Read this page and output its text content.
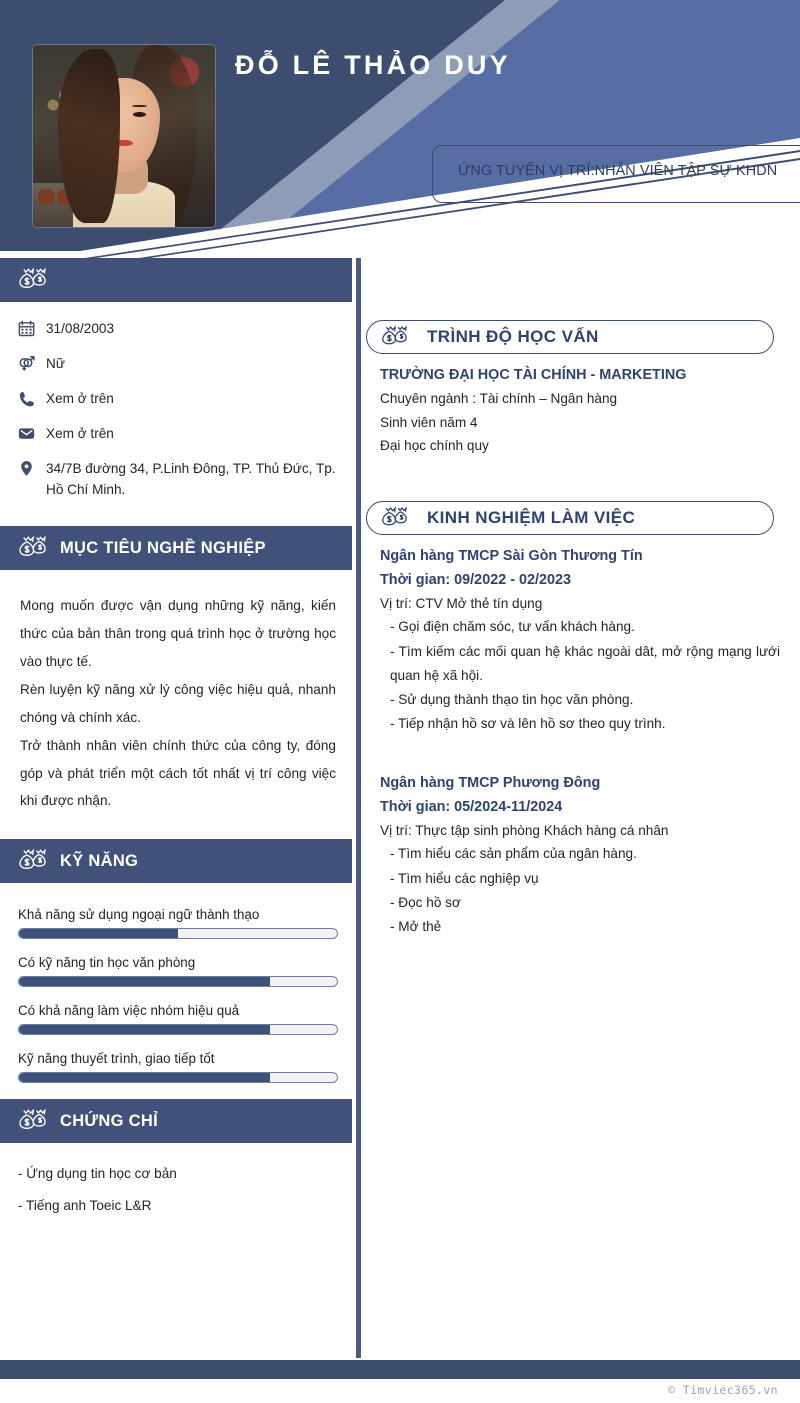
ĐỖ LÊ THẢO DUY
ỨNG TUYỂN VỊ TRÍ:NHÂN VIÊN TẬP SỰ KHDN
31/08/2003
Nữ
Xem ở trên
Xem ở trên
34/7B đường 34, P.Linh Đông, TP. Thủ Đức, Tp. Hồ Chí Minh.
MỤC TIÊU NGHỀ NGHIỆP

Mong muốn được vận dụng những kỹ năng, kiến thức của bản thân trong quá trình học ở trường học vào thực tế.

Rèn luyện kỹ năng xử lý công việc hiệu quả, nhanh chóng và chính xác.

Trở thành nhân viên chính thức của công ty, đóng góp và phát triển một cách tốt nhất vị trí công việc khi được nhận.

KỸ NĂNG
Khả năng sử dụng ngoại ngữ thành thạo
Có kỹ năng tin học văn phòng
Có khả năng làm việc nhóm hiệu quả
Kỹ năng thuyết trình, giao tiếp tốt
CHỨNG CHỈ
- Ứng dụng tin học cơ bản
- Tiếng anh Toeic L&R
TRÌNH ĐỘ HỌC VẤN
TRƯỜNG ĐẠI HỌC TÀI CHÍNH - MARKETING
Chuyên ngành : Tài chính – Ngân hàng
Sinh viên năm 4
Đại học chính quy
KINH NGHIỆM LÀM VIỆC
Ngân hàng TMCP Sài Gòn Thương Tín
Thời gian: 09/2022 - 02/2023
Vị trí: CTV Mở thẻ tín dụng
- Gọi điện chăm sóc, tư vấn khách hàng.
- Tìm kiếm các mối quan hệ khác ngoài dât, mở rộng mạng lưới quan hệ xã hội.
- Sử dụng thành thạo tin học văn phòng.
- Tiếp nhận hồ sơ và lên hồ sơ theo quy trình.
Ngân hàng TMCP Phương Đông
Thời gian: 05/2024-11/2024
Vị trí: Thực tập sinh phòng Khách hàng cá nhân
- Tìm hiểu các sản phẩm của ngân hàng.
- Tìm hiểu các nghiệp vụ
- Đọc hồ sơ
- Mở thẻ
© Timviec365.vn
